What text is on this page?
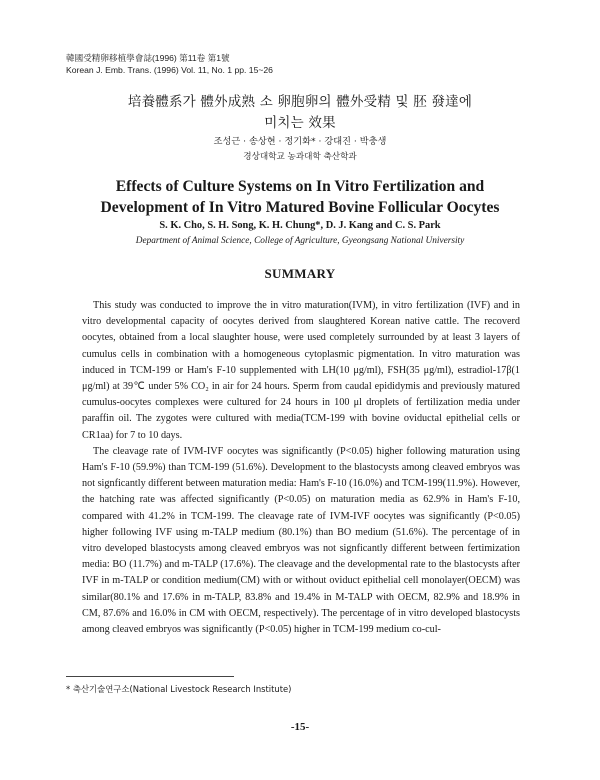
韓國受精卵移植學會誌(1996) 第11卷 第1號
Korean J. Emb. Trans. (1996) Vol. 11, No. 1 pp. 15~26
培養體系가 體外成熟 소 卵胞卵의 體外受精 및 胚 發達에
미치는 效果
조성근 · 송상현 · 정기화* · 강대진 · 박충생
경상대학교 농과대학 축산학과
Effects of Culture Systems on In Vitro Fertilization and
Development of In Vitro Matured Bovine Follicular Oocytes
S. K. Cho, S. H. Song, K. H. Chung*, D. J. Kang and C. S. Park
Department of Animal Science, College of Agriculture, Gyeongsang National University
SUMMARY

This study was conducted to improve the in vitro maturation(IVM), in vitro fertilization (IVF) and in vitro developmental capacity of oocytes derived from slaughtered Korean native cattle. The recoverd oocytes, obtained from a local slaughter house, were used completely surrounded by at least 3 layers of cumulus cells in combination with a homogeneous cytoplasmic pigmentation. In vitro maturation was induced in TCM-199 or Ham's F-10 supplemented with LH(10 μg/ml), FSH(35 μg/ml), estradiol-17β(1 μg/ml) at 39℃ under 5% CO₂ in air for 24 hours. Sperm from caudal epididymis and previously matured cumulus-oocytes complexes were cultured for 24 hours in 100 μl droplets of fertilization media under paraffin oil. The zygotes were cultured with media(TCM-199 with bovine oviductal epithelial cells or CR1aa) for 7 to 10 days.

The cleavage rate of IVM-IVF oocytes was significantly (P<0.05) higher following maturation using Ham's F-10 (59.9%) than TCM-199 (51.6%). Development to the blastocysts among cleaved embryos was not signficantly different between maturation media: Ham's F-10 (16.0%) and TCM-199(11.9%). However, the hatching rate was affected significantly (P<0.05) on maturation media as 62.9% in Ham's F-10, compared with 41.2% in TCM-199. The cleavage rate of IVM-IVF oocytes was significantly (P<0.05) higher following IVF using m-TALP medium (80.1%) than BO medium (51.6%). The percentage of in vitro developed blastocysts among cleaved embryos was not signficantly different between fertimization media: BO (11.7%) and m-TALP (17.6%). The cleavage and the developmental rate to the blastocysts after IVF in m-TALP or condition medium(CM) with or without oviduct epithelial cell monolayer(OECM) was similar(80.1% and 17.6% in m-TALP, 83.8% and 19.4% in M-TALP with OECM, 82.9% and 18.9% in CM, 87.6% and 16.0% in CM with OECM, respectively). The percentage of in vitro developed blastocysts among cleaved embryos was significantly (P<0.05) higher in TCM-199 medium co-cul-

* 축산기술연구소(National Livestock Research Institute)
-15-
